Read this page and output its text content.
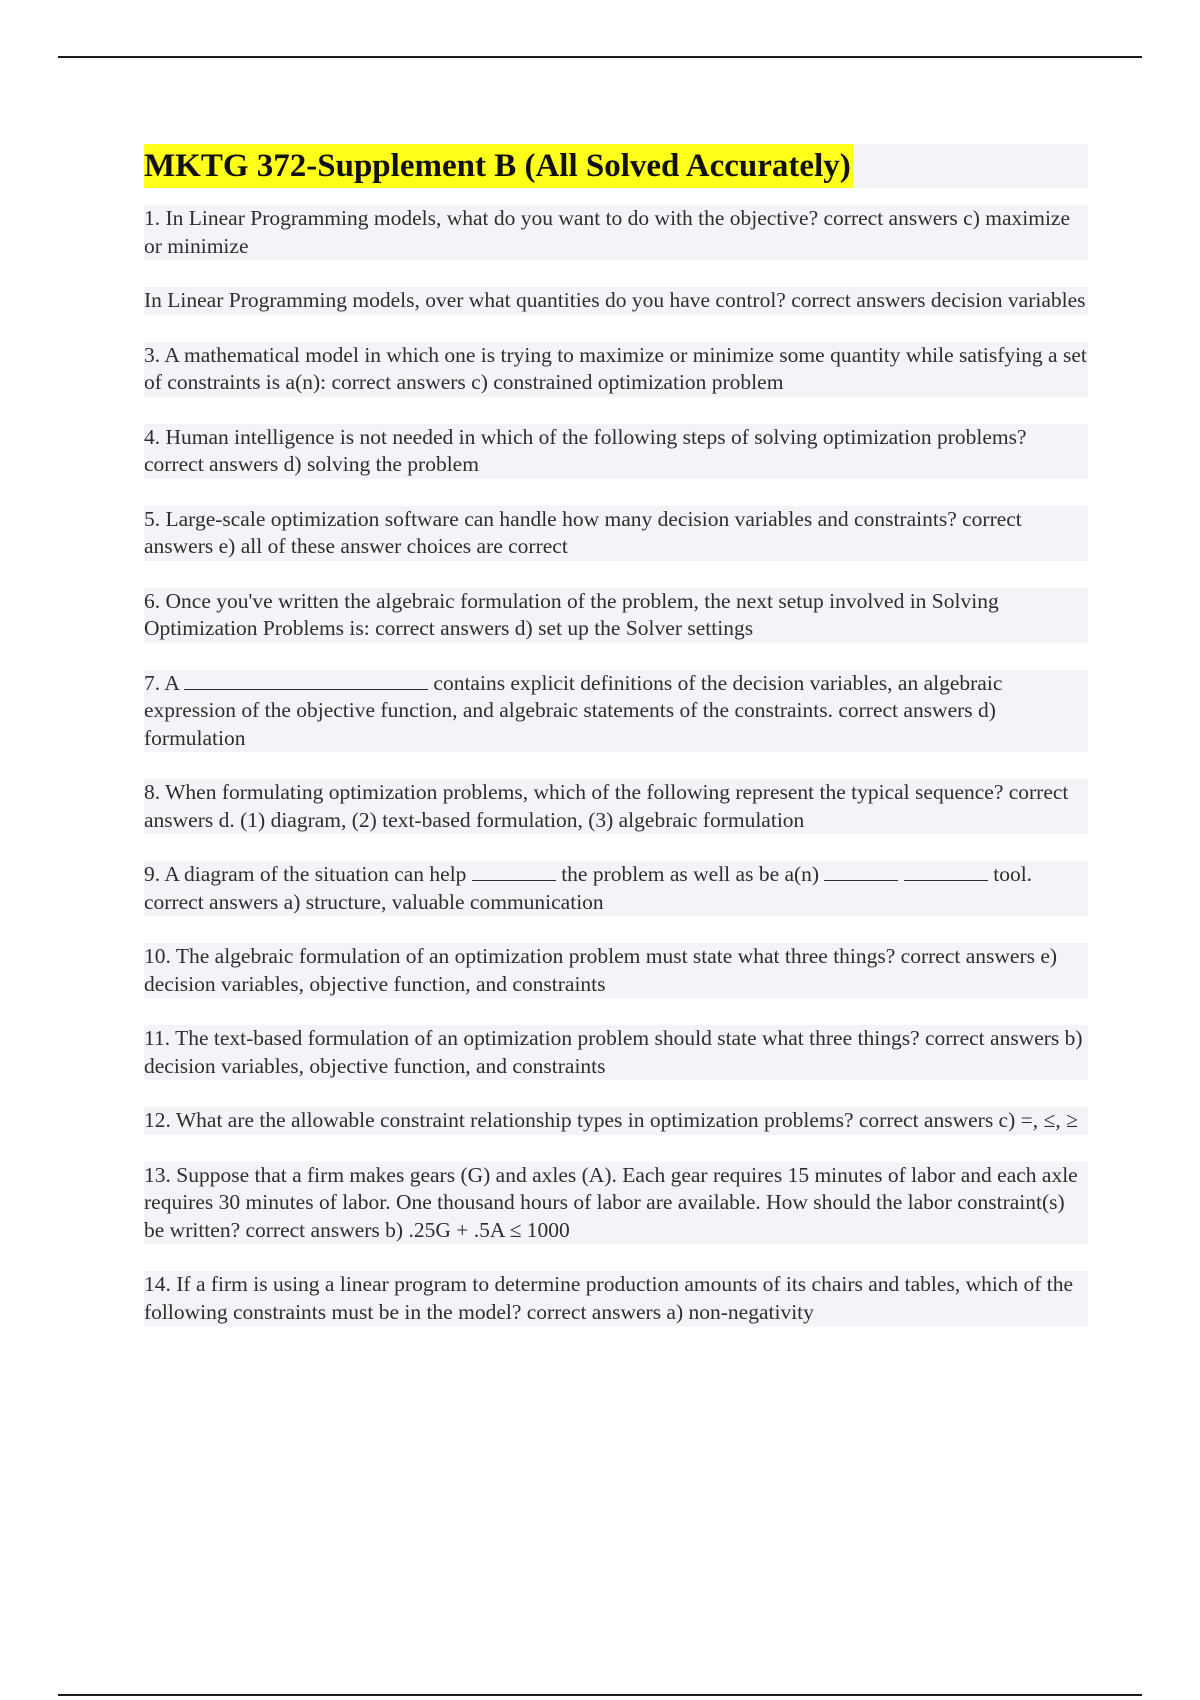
MKTG 372-Supplement B (All Solved Accurately)

1. In Linear Programming models, what do you want to do with the objective? correct answers c) maximize or minimize

In Linear Programming models, over what quantities do you have control? correct answers decision variables

3. A mathematical model in which one is trying to maximize or minimize some quantity while satisfying a set of constraints is a(n): correct answers c) constrained optimization problem

4. Human intelligence is not needed in which of the following steps of solving optimization problems? correct answers d) solving the problem

5. Large-scale optimization software can handle how many decision variables and constraints? correct answers e) all of these answer choices are correct

6. Once you've written the algebraic formulation of the problem, the next setup involved in Solving Optimization Problems is: correct answers d) set up the Solver settings

7. A	contains explicit definitions of the decision variables, an algebraic expression of the objective function, and algebraic statements of the constraints. correct answers d) formulation

8. When formulating optimization problems, which of the following represent the typical sequence? correct answers d. (1) diagram, (2) text-based formulation, (3) algebraic formulation

9. A diagram of the situation can help	the problem as well as be a(n)	tool. correct answers a) structure, valuable communication

10. The algebraic formulation of an optimization problem must state what three things? correct answers e) decision variables, objective function, and constraints

11. The text-based formulation of an optimization problem should state what three things? correct answers b) decision variables, objective function, and constraints

12. What are the allowable constraint relationship types in optimization problems? correct answers c) =, ≤, ≥

13. Suppose that a firm makes gears (G) and axles (A). Each gear requires 15 minutes of labor and each axle requires 30 minutes of labor. One thousand hours of labor are available. How should the labor constraint(s) be written? correct answers b) .25G + .5A ≤ 1000

14. If a firm is using a linear program to determine production amounts of its chairs and tables, which of the following constraints must be in the model? correct answers a) non-negativity
